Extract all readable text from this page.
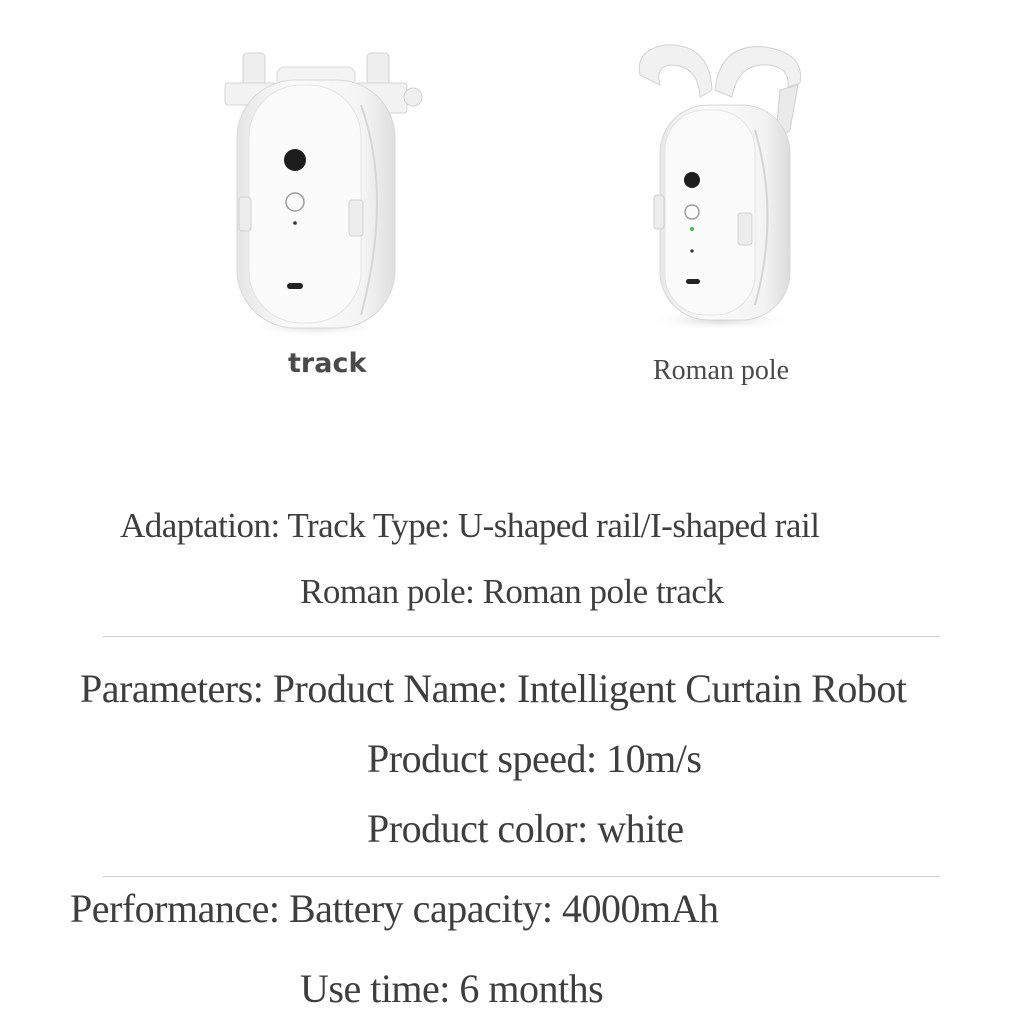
track	Roman pole
Adaptation: Track Type: U-shaped rail/I-shaped rail
Roman pole: Roman pole track
Parameters: Product Name: Intelligent Curtain Robot
Product speed: 10m/s
Product color: white
Performance: Battery capacity: 4000mAh
Use time: 6 months
